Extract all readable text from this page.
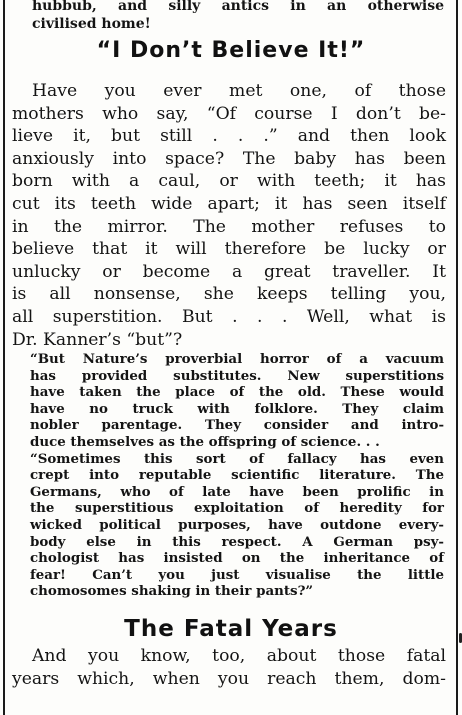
hubbub, and silly antics in an otherwise
civilised home!
“I Don’t Believe It!”
Have you ever met one, of those
mothers who say, “Of course I don’t be-
lieve it, but still . . .” and then look
anxiously into space? The baby has been
born with a caul, or with teeth; it has
cut its teeth wide apart; it has seen itself
in the mirror. The mother refuses to
believe that it will therefore be lucky or
unlucky or become a great traveller. It
is all nonsense, she keeps telling you,
all superstition. But . . . Well, what is
Dr. Kanner’s “but”?
“But Nature’s proverbial horror of a vacuum
has provided substitutes. New superstitions
have taken the place of the old. These would
have no truck with folklore. They claim
nobler parentage. They consider and intro-
duce themselves as the offspring of science. . .
“Sometimes this sort of fallacy has even
crept into reputable scientific literature. The
Germans, who of late have been prolific in
the superstitious exploitation of heredity for
wicked political purposes, have outdone every-
body else in this respect. A German psy-
chologist has insisted on the inheritance of
fear! Can’t you just visualise the little
chomosomes shaking in their pants?”
The Fatal Years
And you know, too, about those fatal
years which, when you reach them, dom-
